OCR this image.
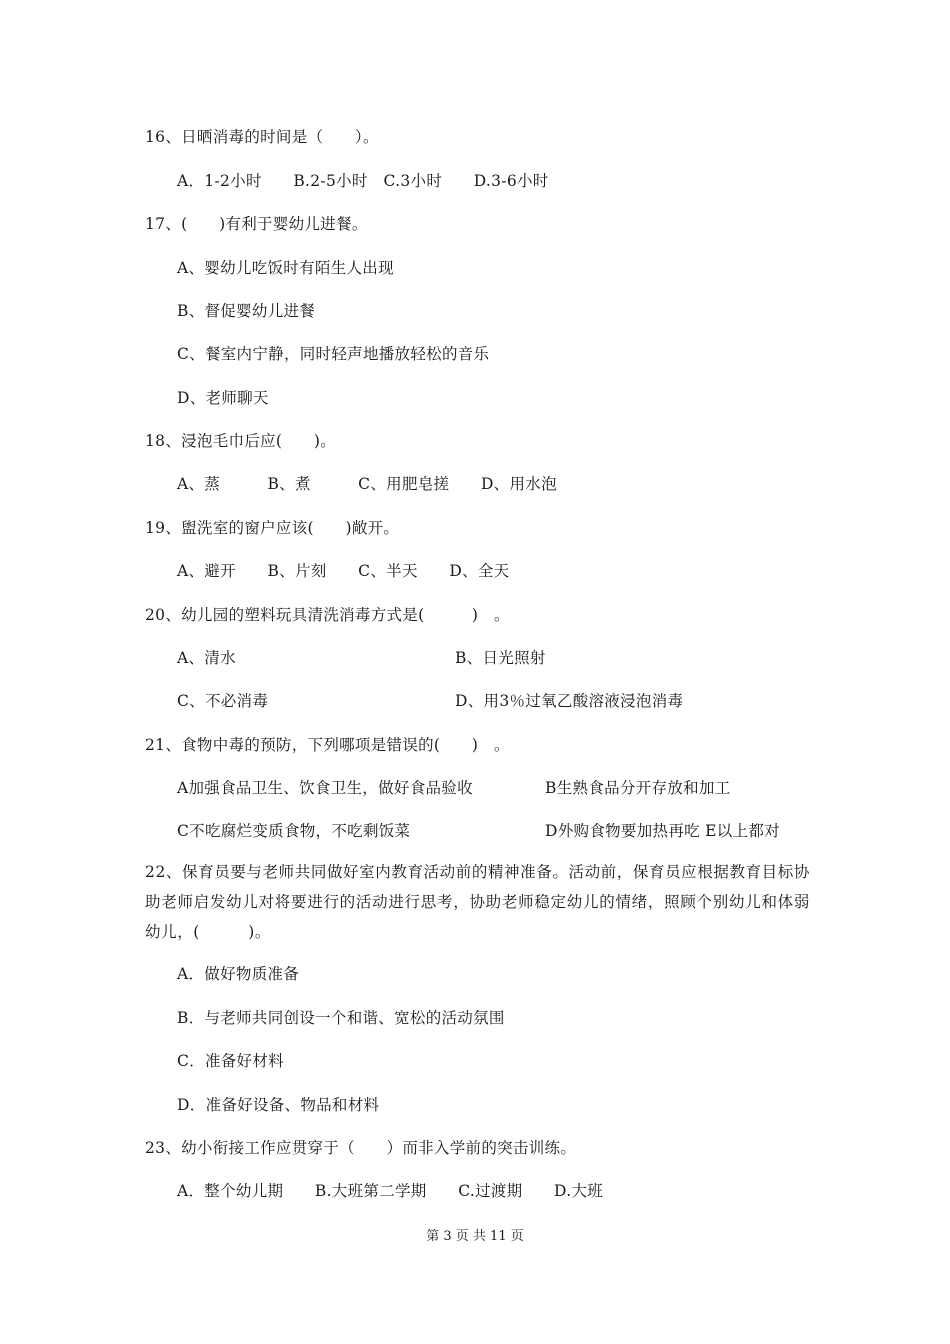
16、日晒消毒的时间是（　　）。
A．1-2小时　　B.2-5小时　C.3小时　　D.3-6小时
17、(　　)有利于婴幼儿进餐。
A、婴幼儿吃饭时有陌生人出现
B、督促婴幼儿进餐
C、餐室内宁静，同时轻声地播放轻松的音乐
D、老师聊天
18、浸泡毛巾后应(　　)。
A、蒸　　　B、煮　　　C、用肥皂搓　　D、用水泡
19、盥洗室的窗户应该(　　)敞开。
A、避开　　B、片刻　　C、半天　　D、全天
20、幼儿园的塑料玩具清洗消毒方式是(　　　)　。
A、清水	B、日光照射
C、不必消毒	D、用3％过氧乙酸溶液浸泡消毒
21、食物中毒的预防，下列哪项是错误的(　　)　。
A加强食品卫生、饮食卫生，做好食品验收	B生熟食品分开存放和加工
C不吃腐烂变质食物，不吃剩饭菜	D外购食物要加热再吃 E以上都对
22、保育员要与老师共同做好室内教育活动前的精神准备。活动前，保育员应根据教育目标协助老师启发幼儿对将要进行的活动进行思考，协助老师稳定幼儿的情绪，照顾个别幼儿和体弱幼儿，(　　　)。
A．做好物质准备
B．与老师共同创设一个和谐、宽松的活动氛围
C．准备好材料
D．准备好设备、物品和材料
23、幼小衔接工作应贯穿于（　　）而非入学前的突击训练。
A．整个幼儿期　　B.大班第二学期　　C.过渡期　　D.大班
第 3 页 共 11 页
